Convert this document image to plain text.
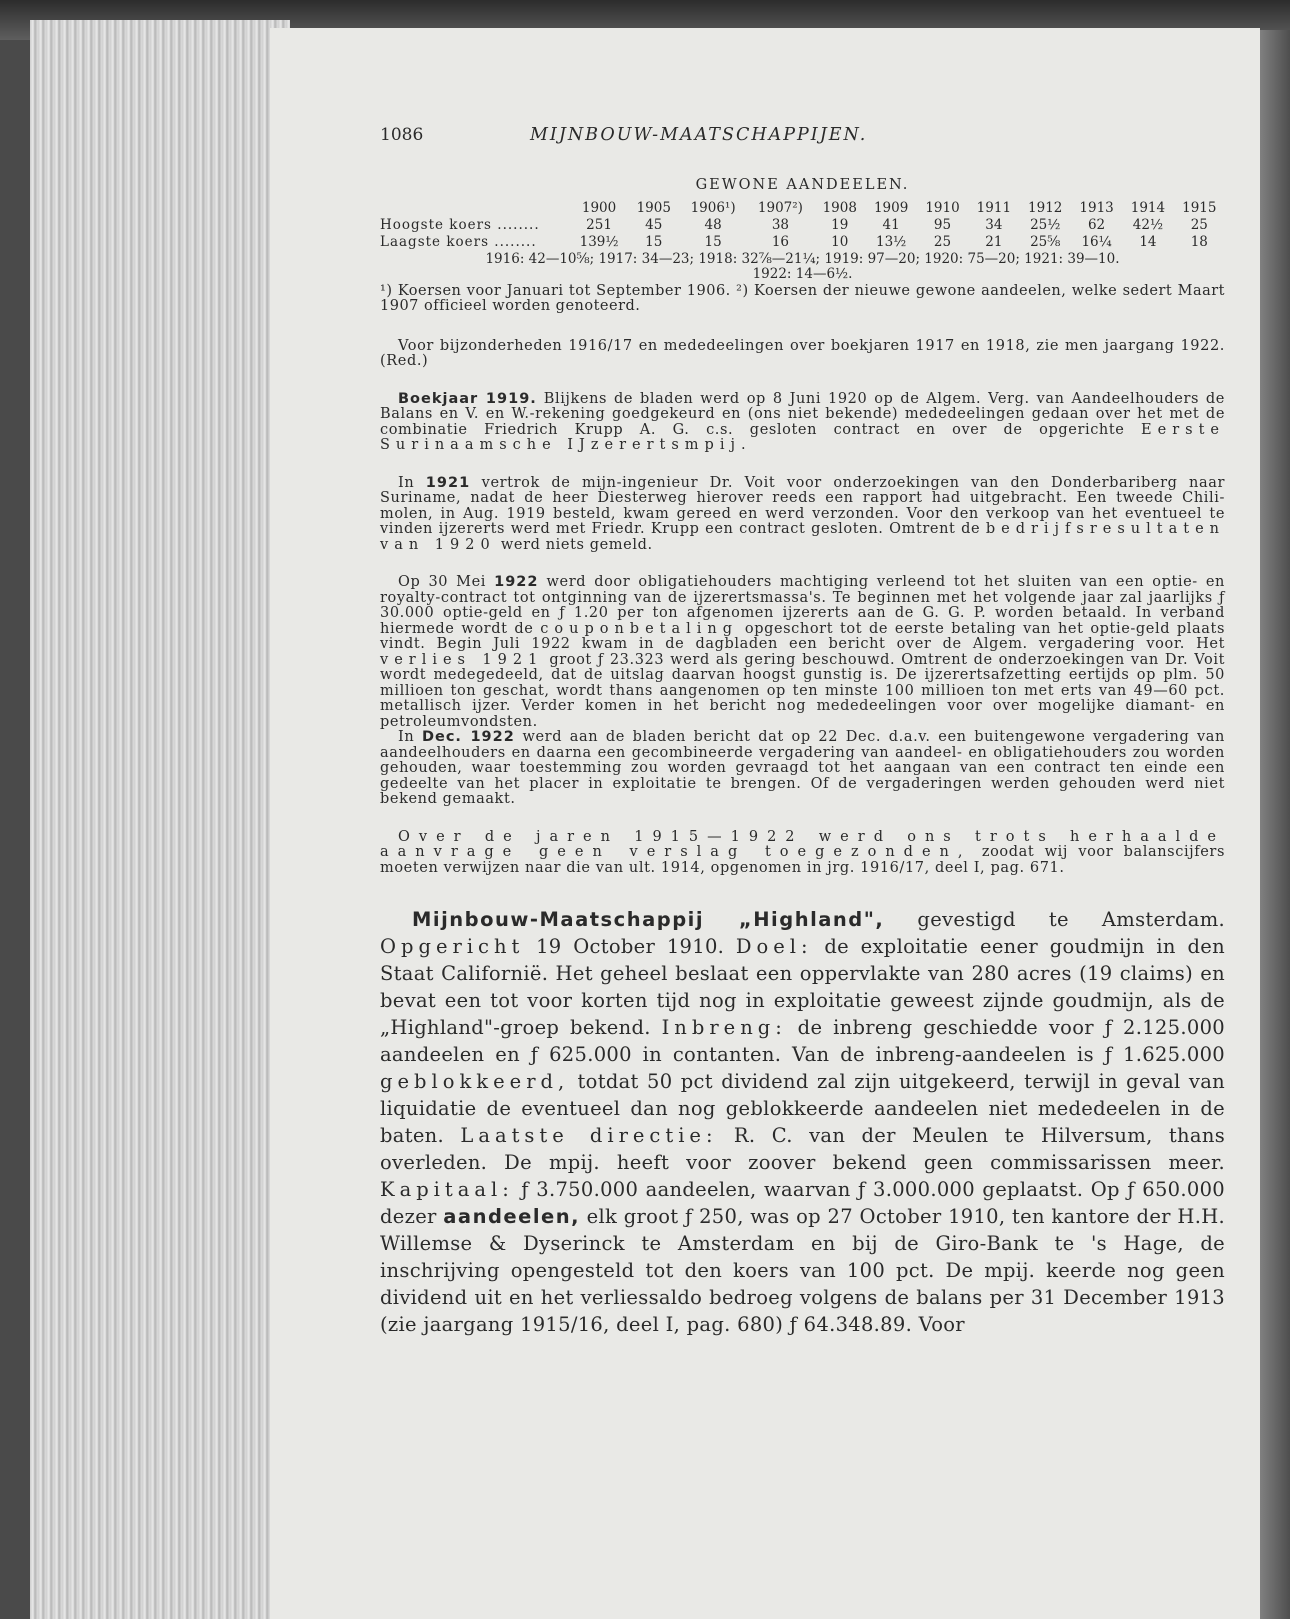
1086	MIJNBOUW-MAATSCHAPPIJEN.
GEWONE AANDEELEN.
	1900	1905	1906¹)	1907²)	1908	1909	1910	1911	1912	1913	1914	1915
Hoogste koers ........	251	45	48	38	19	41	95	34	25½	62	42½	25
Laagste koers ........	139½	15	15	16	10	13½	25	21	25⅝	16¼	14	18
1916: 42—10⅝; 1917: 34—23; 1918: 32⅞—21¼; 1919: 97—20; 1920: 75—20; 1921: 39—10.
1922: 14—6½.
¹) Koersen voor Januari tot September 1906. ²) Koersen der nieuwe gewone aandeelen, welke sedert Maart 1907 officieel worden genoteerd.

Voor bijzonderheden 1916/17 en mededeelingen over boekjaren 1917 en 1918, zie men jaargang 1922. (Red.)

Boekjaar 1919. Blijkens de bladen werd op 8 Juni 1920 op de Algem. Verg. van Aandeelhouders de Balans en V. en W.-rekening goedgekeurd en (ons niet bekende) mededeelingen gedaan over het met de combinatie Friedrich Krupp A. G. c.s. gesloten contract en over de opgerichte Eerste Surinaamsche IJzerertsmpij.

In 1921 vertrok de mijn-ingenieur Dr. Voit voor onderzoekingen van den Donderbariberg naar Suriname, nadat de heer Diesterweg hierover reeds een rapport had uitgebracht. Een tweede Chili-molen, in Aug. 1919 besteld, kwam gereed en werd verzonden. Voor den verkoop van het eventueel te vinden ijzererts werd met Friedr. Krupp een contract gesloten. Omtrent de bedrijfsresultaten van 1920 werd niets gemeld.

Op 30 Mei 1922 werd door obligatiehouders machtiging verleend tot het sluiten van een optie- en royalty-contract tot ontginning van de ijzerertsmassa's. Te beginnen met het volgende jaar zal jaarlijks ƒ 30.000 optie-geld en ƒ 1.20 per ton afgenomen ijzererts aan de G. G. P. worden betaald. In verband hiermede wordt de couponbetaling opgeschort tot de eerste betaling van het optie-geld plaats vindt. Begin Juli 1922 kwam in de dagbladen een bericht over de Algem. vergadering voor. Het verlies 1921 groot ƒ 23.323 werd als gering beschouwd. Omtrent de onderzoekingen van Dr. Voit wordt medegedeeld, dat de uitslag daarvan hoogst gunstig is. De ijzerertsafzetting eertijds op plm. 50 millioen ton geschat, wordt thans aangenomen op ten minste 100 millioen ton met erts van 49—60 pct. metallisch ijzer. Verder komen in het bericht nog mededeelingen voor over mogelijke diamant- en petroleumvondsten.

In Dec. 1922 werd aan de bladen bericht dat op 22 Dec. d.a.v. een buitengewone vergadering van aandeelhouders en daarna een gecombineerde vergadering van aandeel- en obligatiehouders zou worden gehouden, waar toestemming zou worden gevraagd tot het aangaan van een contract ten einde een gedeelte van het placer in exploitatie te brengen. Of de vergaderingen werden gehouden werd niet bekend gemaakt.

Over de jaren 1915—1922 werd ons trots herhaalde aanvrage geen verslag toegezonden, zoodat wij voor balanscijfers moeten verwijzen naar die van ult. 1914, opgenomen in jrg. 1916/17, deel I, pag. 671.

Mijnbouw-Maatschappij „Highland", gevestigd te Amsterdam. Opgericht 19 October 1910. Doel: de exploitatie eener goudmijn in den Staat Californië. Het geheel beslaat een oppervlakte van 280 acres (19 claims) en bevat een tot voor korten tijd nog in exploitatie geweest zijnde goudmijn, als de „Highland"-groep bekend. Inbreng: de inbreng geschiedde voor ƒ 2.125.000 aandeelen en ƒ 625.000 in contanten. Van de inbreng-aandeelen is ƒ 1.625.000 geblokkeerd, totdat 50 pct dividend zal zijn uitgekeerd, terwijl in geval van liquidatie de eventueel dan nog geblokkeerde aandeelen niet mededeelen in de baten. Laatste directie: R. C. van der Meulen te Hilversum, thans overleden. De mpij. heeft voor zoover bekend geen commissarissen meer. Kapitaal: ƒ 3.750.000 aandeelen, waarvan ƒ 3.000.000 geplaatst. Op ƒ 650.000 dezer aandeelen, elk groot ƒ 250, was op 27 October 1910, ten kantore der H.H. Willemse & Dyserinck te Amsterdam en bij de Giro-Bank te 's Hage, de inschrijving opengesteld tot den koers van 100 pct. De mpij. keerde nog geen dividend uit en het verliessaldo bedroeg volgens de balans per 31 December 1913 (zie jaargang 1915/16, deel I, pag. 680) ƒ 64.348.89. Voor
